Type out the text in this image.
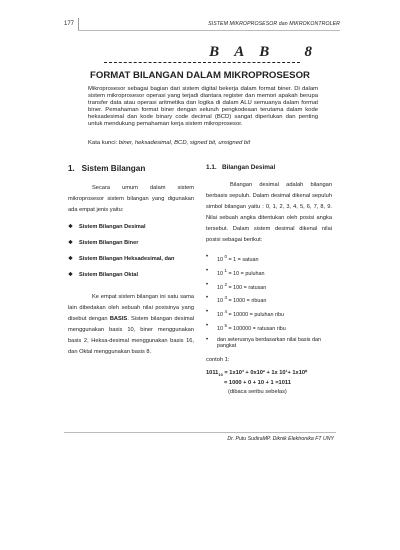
177	SISTEM MIKROPROSESOR dan MIKROKONTROLER
B A B   8
FORMAT BILANGAN DALAM MIKROPROSESOR
Mikroprosesor sebagai bagian dari sistem digital bekerja dalam format biner. Di dalam sistem mikroprosesor operasi yang terjadi diantara register dan memori apakah berupa transfer data atau operasi aritmetika dan logika di dalam ALU semuanya dalam format biner. Pemahaman format biner dengan seluruh pengkodeaan terutama dalam kode heksadesimal dan kode binary code decimal (BCD) sangat diperlukan dan penting untuk mendukung pemahaman kerja sistem mikroprosesor.
Kata kunci: biner, heksadesimal, BCD, signed bit, unsigned bit
1.   Sistem Bilangan

Secara umum dalam sistem mikroprosesor sistem bilangan yang digunakan ada empat jenis yaitu:

❖ Sistem Bilangan Desimal
❖ Sistem Bilangan Biner
❖ Sistem Bilangan Heksadesimal, dan
❖ Sistem Bilangan Oktal

Ke empat sistem bilangan ini satu sama lain dibedakan oleh sebuah nilai posisinya yang disebut dengan BASIS. Sistem bilangan desimal menggunakan basis 10, biner menggunakan basis 2, Heksa-desimal menggunakan basis 16, dan Oktal menggunakan basis 8.

1.1.   Bilangan Desimal

Bilangan desimal adalah bilangan berbasis sepuluh. Dalam desimal dikenal sepuluh simbol bilangan yaitu : 0, 1, 2, 3, 4, 5, 6, 7, 8, 9. Nilai sebuah angka ditentukan oleh posisi angka tersebut. Dalam sistem desimal dikenal nilai posisi sebagai berikut:

• 10 $^0$ = 1 = satuan
• 10 $^1$ = 10 = puluhan
• 10 $^2$ = 100 = ratusan
• 10 $^3$ = 1000 = ribuan
• 10 $^4$ = 10000 = puluhan ribu
• 10 $^5$ = 100000 = ratusan ribu
• dan seterusnya berdasarkan nilai basis dan pangkat
contoh 1:
$1011_{10} = 1x10^3 + 0x10^2 + 1x$ 10¹+ 1x10⁰
= 1000 + 0 + 10 + 1 =1011
(dibaca seribu sebelas)
Dr. Putu SudiraMP. Diknik Elektronika FT UNY
